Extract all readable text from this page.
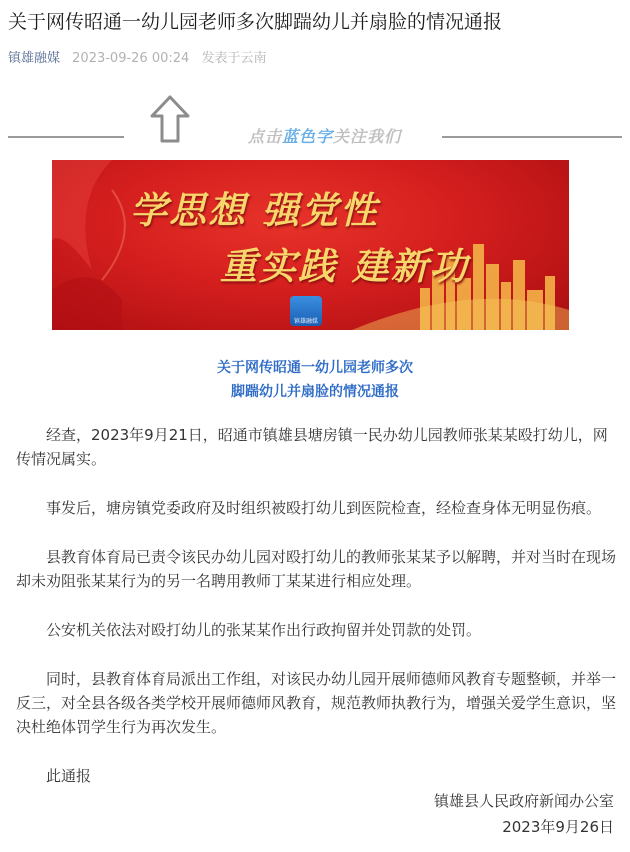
关于网传昭通一幼儿园老师多次脚踹幼儿并扇脸的情况通报
镇雄融媒 2023-09-26 00:24 发表于云南
点击蓝色字关注我们
学思想 强党性
重实践 建新功
镇雄融媒
关于网传昭通一幼儿园老师多次
脚踹幼儿并扇脸的情况通报

经查，2023年9月21日，昭通市镇雄县塘房镇一民办幼儿园教师张某某殴打幼儿，网传情况属实。

事发后，塘房镇党委政府及时组织被殴打幼儿到医院检查，经检查身体无明显伤痕。

县教育体育局已责令该民办幼儿园对殴打幼儿的教师张某某予以解聘，并对当时在现场却未劝阻张某某行为的另一名聘用教师丁某某进行相应处理。

公安机关依法对殴打幼儿的张某某作出行政拘留并处罚款的处罚。

同时，县教育体育局派出工作组，对该民办幼儿园开展师德师风教育专题整顿，并举一反三，对全县各级各类学校开展师德师风教育，规范教师执教行为，增强关爱学生意识，坚决杜绝体罚学生行为再次发生。

此通报

镇雄县人民政府新闻办公室
2023年9月26日
